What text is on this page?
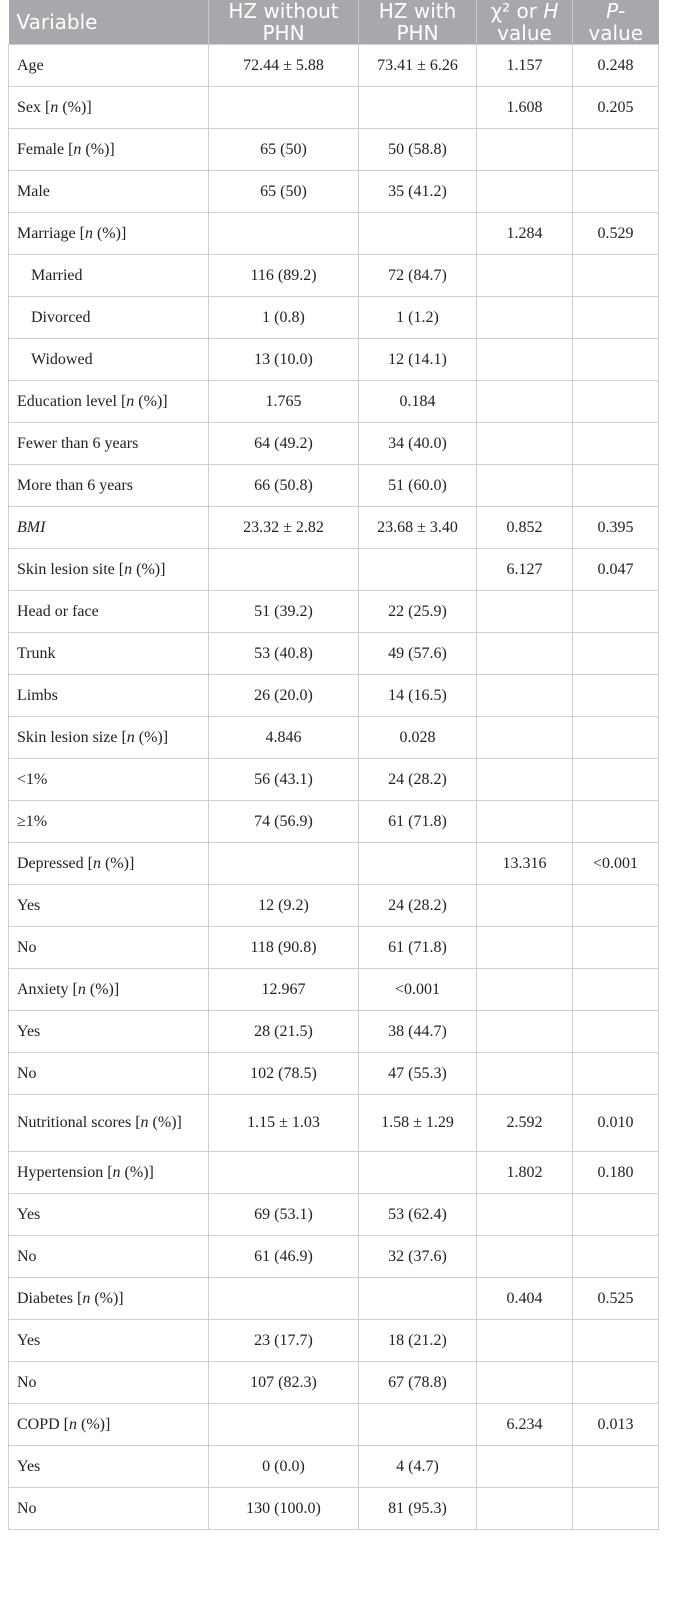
Variable	HZ without PHN	HZ with PHN	χ² or H value	P-value
Age	72.44 ± 5.88	73.41 ± 6.26	1.157	0.248
Sex [n (%)]			1.608	0.205
Female [n (%)]	65 (50)	50 (58.8)		
Male	65 (50)	35 (41.2)		
Marriage [n (%)]			1.284	0.529
Married	116 (89.2)	72 (84.7)		
Divorced	1 (0.8)	1 (1.2)		
Widowed	13 (10.0)	12 (14.1)		
Education level [n (%)]	1.765	0.184		
Fewer than 6 years	64 (49.2)	34 (40.0)		
More than 6 years	66 (50.8)	51 (60.0)		
BMI	23.32 ± 2.82	23.68 ± 3.40	0.852	0.395
Skin lesion site [n (%)]			6.127	0.047
Head or face	51 (39.2)	22 (25.9)		
Trunk	53 (40.8)	49 (57.6)		
Limbs	26 (20.0)	14 (16.5)		
Skin lesion size [n (%)]	4.846	0.028		
<1%	56 (43.1)	24 (28.2)		
≥1%	74 (56.9)	61 (71.8)		
Depressed [n (%)]			13.316	<0.001
Yes	12 (9.2)	24 (28.2)		
No	118 (90.8)	61 (71.8)		
Anxiety [n (%)]	12.967	<0.001		
Yes	28 (21.5)	38 (44.7)		
No	102 (78.5)	47 (55.3)		
Nutritional scores [n (%)]	1.15 ± 1.03	1.58 ± 1.29	2.592	0.010
Hypertension [n (%)]			1.802	0.180
Yes	69 (53.1)	53 (62.4)		
No	61 (46.9)	32 (37.6)		
Diabetes [n (%)]			0.404	0.525
Yes	23 (17.7)	18 (21.2)		
No	107 (82.3)	67 (78.8)		
COPD [n (%)]			6.234	0.013
Yes	0 (0.0)	4 (4.7)		
No	130 (100.0)	81 (95.3)		
